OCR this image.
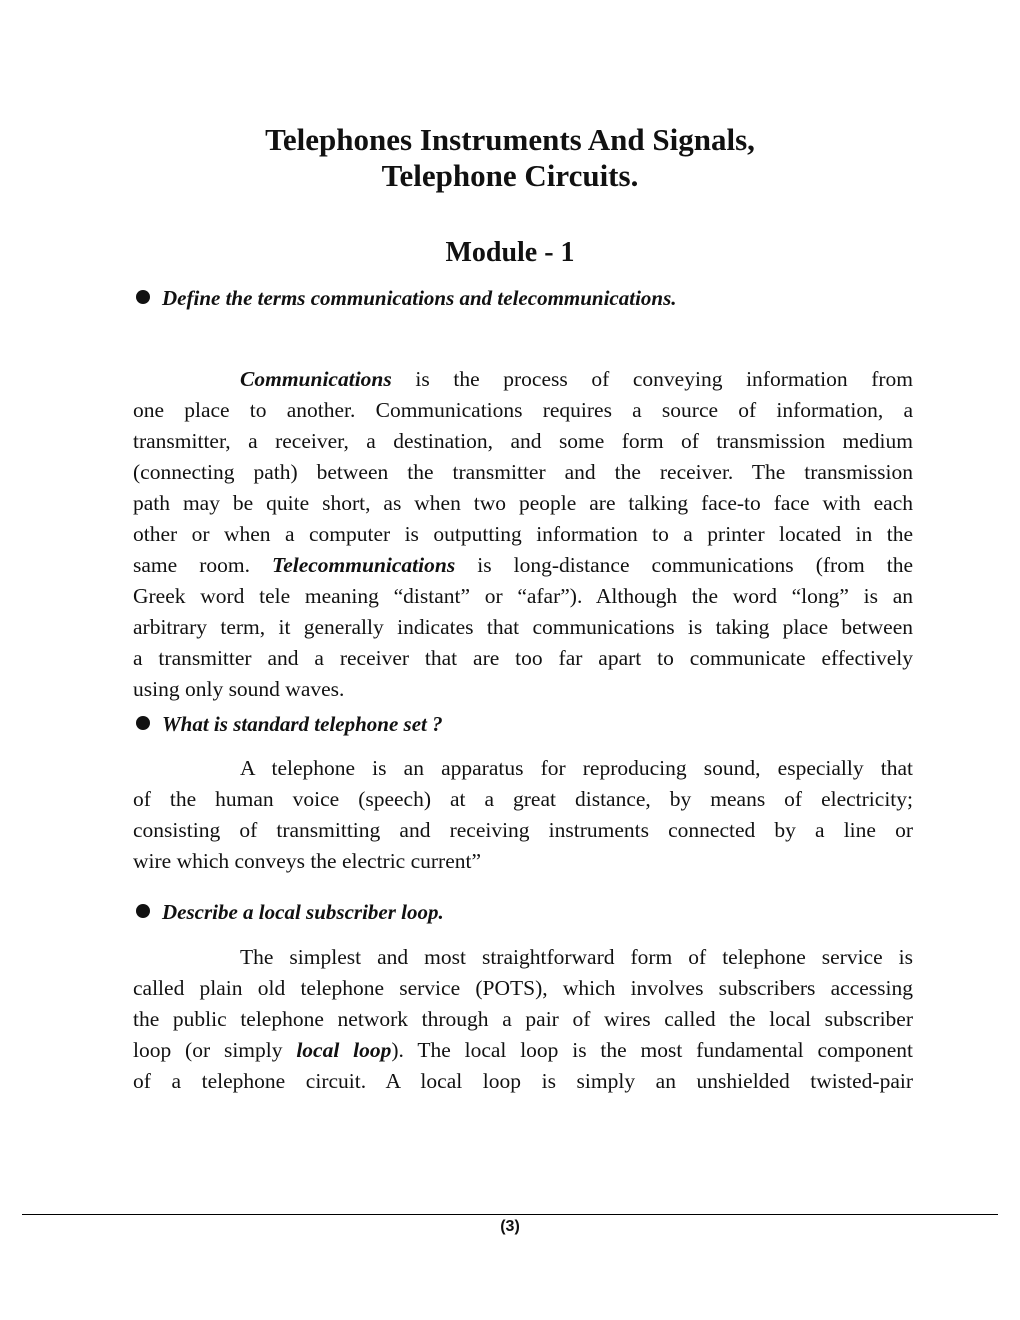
Telephones Instruments And Signals,
Telephone Circuits.
Module - 1
Define the terms communications and telecommunications.
Communications is the process of conveying information from
one place to another. Communications requires a source of information, a
transmitter, a receiver, a destination, and some form of transmission medium
(connecting path) between the transmitter and the receiver. The transmission
path may be quite short, as when two people are talking face-to face with each
other or when a computer is outputting information to a printer located in the
same room. Telecommunications is long-distance communications (from the
Greek word tele meaning “distant” or “afar”). Although the word “long” is an
arbitrary term, it generally indicates that communications is taking place between
a transmitter and a receiver that are too far apart to communicate effectively
using only sound waves.
What is standard telephone set ?
A telephone is an apparatus for reproducing sound, especially that
of the human voice (speech) at a great distance, by means of electricity;
consisting of transmitting and receiving instruments connected by a line or
wire which conveys the electric current”
Describe a local subscriber loop.
The simplest and most straightforward form of telephone service is
called plain old telephone service (POTS), which involves subscribers accessing
the public telephone network through a pair of wires called the local subscriber
loop (or simply local loop). The local loop is the most fundamental component
of a telephone circuit. A local loop is simply an unshielded twisted-pair
(3)
